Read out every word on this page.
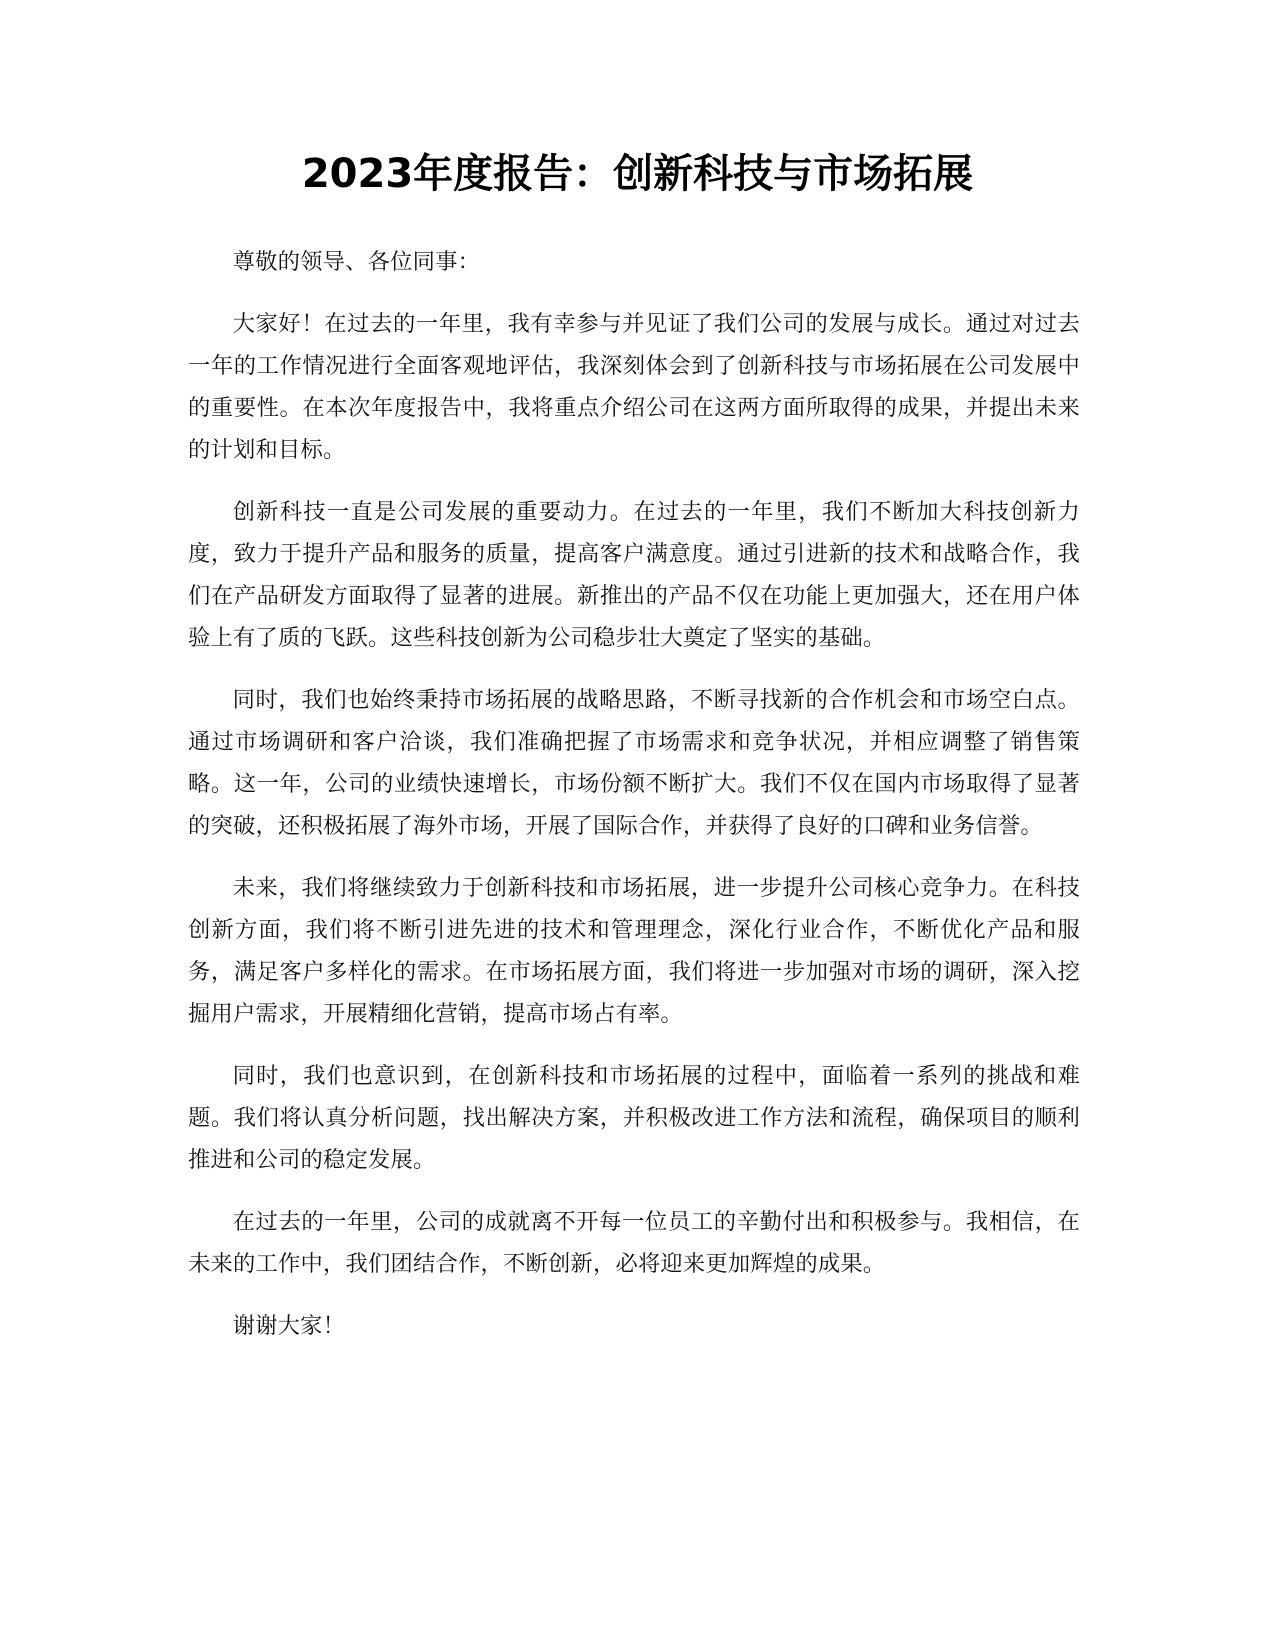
2023年度报告：创新科技与市场拓展

尊敬的领导、各位同事：

大家好！在过去的一年里，我有幸参与并见证了我们公司的发展与成长。通过对过去一年的工作情况进行全面客观地评估，我深刻体会到了创新科技与市场拓展在公司发展中的重要性。在本次年度报告中，我将重点介绍公司在这两方面所取得的成果，并提出未来的计划和目标。

创新科技一直是公司发展的重要动力。在过去的一年里，我们不断加大科技创新力度，致力于提升产品和服务的质量，提高客户满意度。通过引进新的技术和战略合作，我们在产品研发方面取得了显著的进展。新推出的产品不仅在功能上更加强大，还在用户体验上有了质的飞跃。这些科技创新为公司稳步壮大奠定了坚实的基础。

同时，我们也始终秉持市场拓展的战略思路，不断寻找新的合作机会和市场空白点。通过市场调研和客户洽谈，我们准确把握了市场需求和竞争状况，并相应调整了销售策略。这一年，公司的业绩快速增长，市场份额不断扩大。我们不仅在国内市场取得了显著的突破，还积极拓展了海外市场，开展了国际合作，并获得了良好的口碑和业务信誉。

未来，我们将继续致力于创新科技和市场拓展，进一步提升公司核心竞争力。在科技创新方面，我们将不断引进先进的技术和管理理念，深化行业合作，不断优化产品和服务，满足客户多样化的需求。在市场拓展方面，我们将进一步加强对市场的调研，深入挖掘用户需求，开展精细化营销，提高市场占有率。

同时，我们也意识到，在创新科技和市场拓展的过程中，面临着一系列的挑战和难题。我们将认真分析问题，找出解决方案，并积极改进工作方法和流程，确保项目的顺利推进和公司的稳定发展。

在过去的一年里，公司的成就离不开每一位员工的辛勤付出和积极参与。我相信，在未来的工作中，我们团结合作，不断创新，必将迎来更加辉煌的成果。

谢谢大家！
